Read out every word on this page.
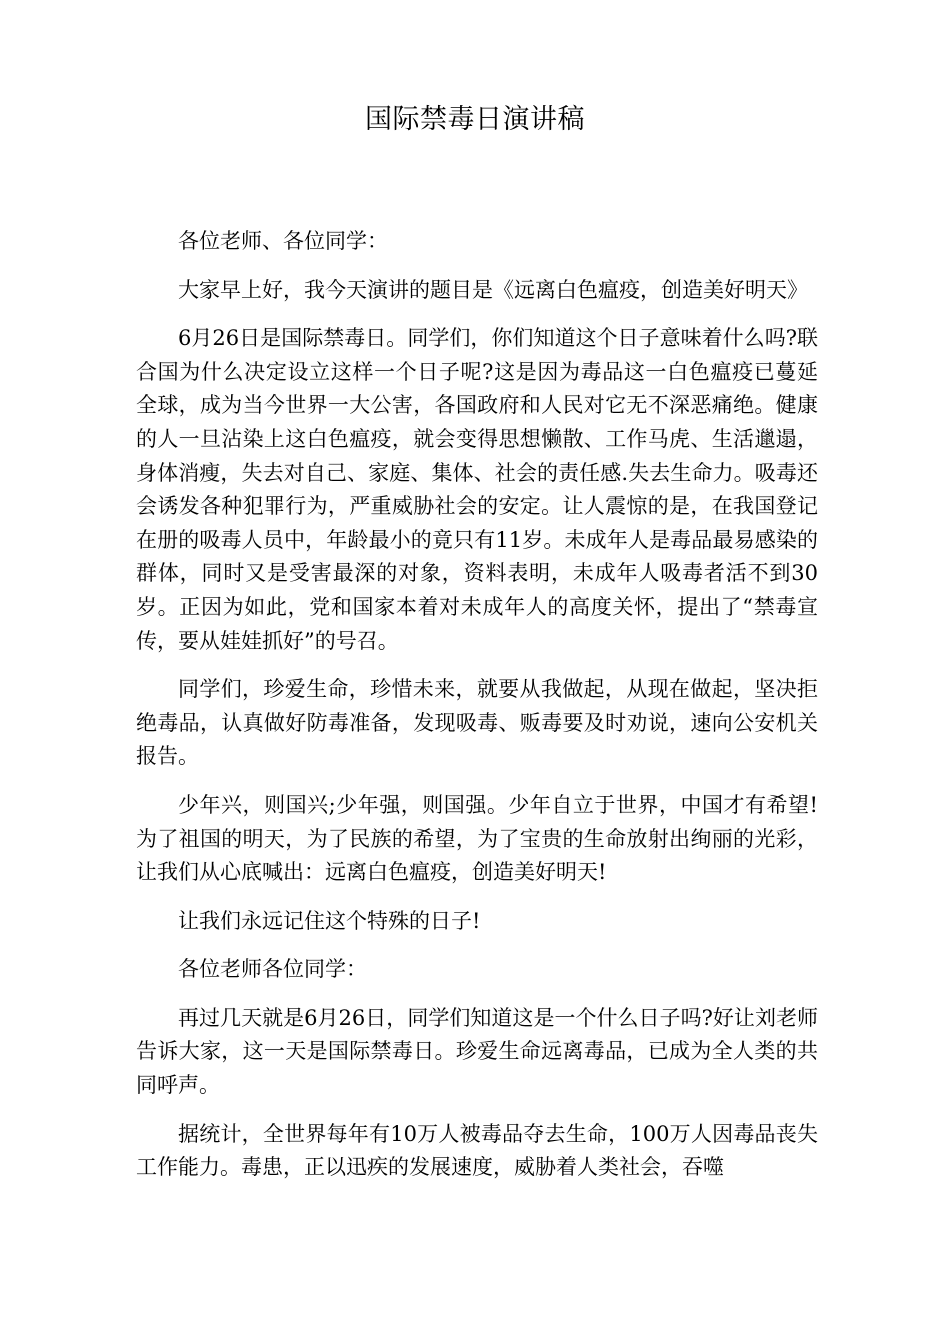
国际禁毒日演讲稿

各位老师、各位同学：

大家早上好，我今天演讲的题目是《远离白色瘟疫，创造美好明天》

6月26日是国际禁毒日。同学们，你们知道这个日子意味着什么吗?联合国为什么决定设立这样一个日子呢?这是因为毒品这一白色瘟疫已蔓延全球，成为当今世界一大公害，各国政府和人民对它无不深恶痛绝。健康的人一旦沾染上这白色瘟疫，就会变得思想懒散、工作马虎、生活邋遢，身体消瘦，失去对自己、家庭、集体、社会的责任感.失去生命力。吸毒还会诱发各种犯罪行为，严重威胁社会的安定。让人震惊的是，在我国登记在册的吸毒人员中，年龄最小的竟只有11岁。未成年人是毒品最易感染的群体，同时又是受害最深的对象，资料表明，未成年人吸毒者活不到30岁。正因为如此，党和国家本着对未成年人的高度关怀，提出了“禁毒宣传，要从娃娃抓好”的号召。

同学们，珍爱生命，珍惜未来，就要从我做起，从现在做起，坚决拒绝毒品，认真做好防毒准备，发现吸毒、贩毒要及时劝说，速向公安机关报告。

少年兴，则国兴;少年强，则国强。少年自立于世界，中国才有希望!为了祖国的明天，为了民族的希望，为了宝贵的生命放射出绚丽的光彩，让我们从心底喊出：远离白色瘟疫，创造美好明天!

让我们永远记住这个特殊的日子!

各位老师各位同学：

再过几天就是6月26日，同学们知道这是一个什么日子吗?好让刘老师告诉大家，这一天是国际禁毒日。珍爱生命远离毒品，已成为全人类的共同呼声。

据统计，全世界每年有10万人被毒品夺去生命，100万人因毒品丧失工作能力。毒患，正以迅疾的发展速度，威胁着人类社会，吞噬
